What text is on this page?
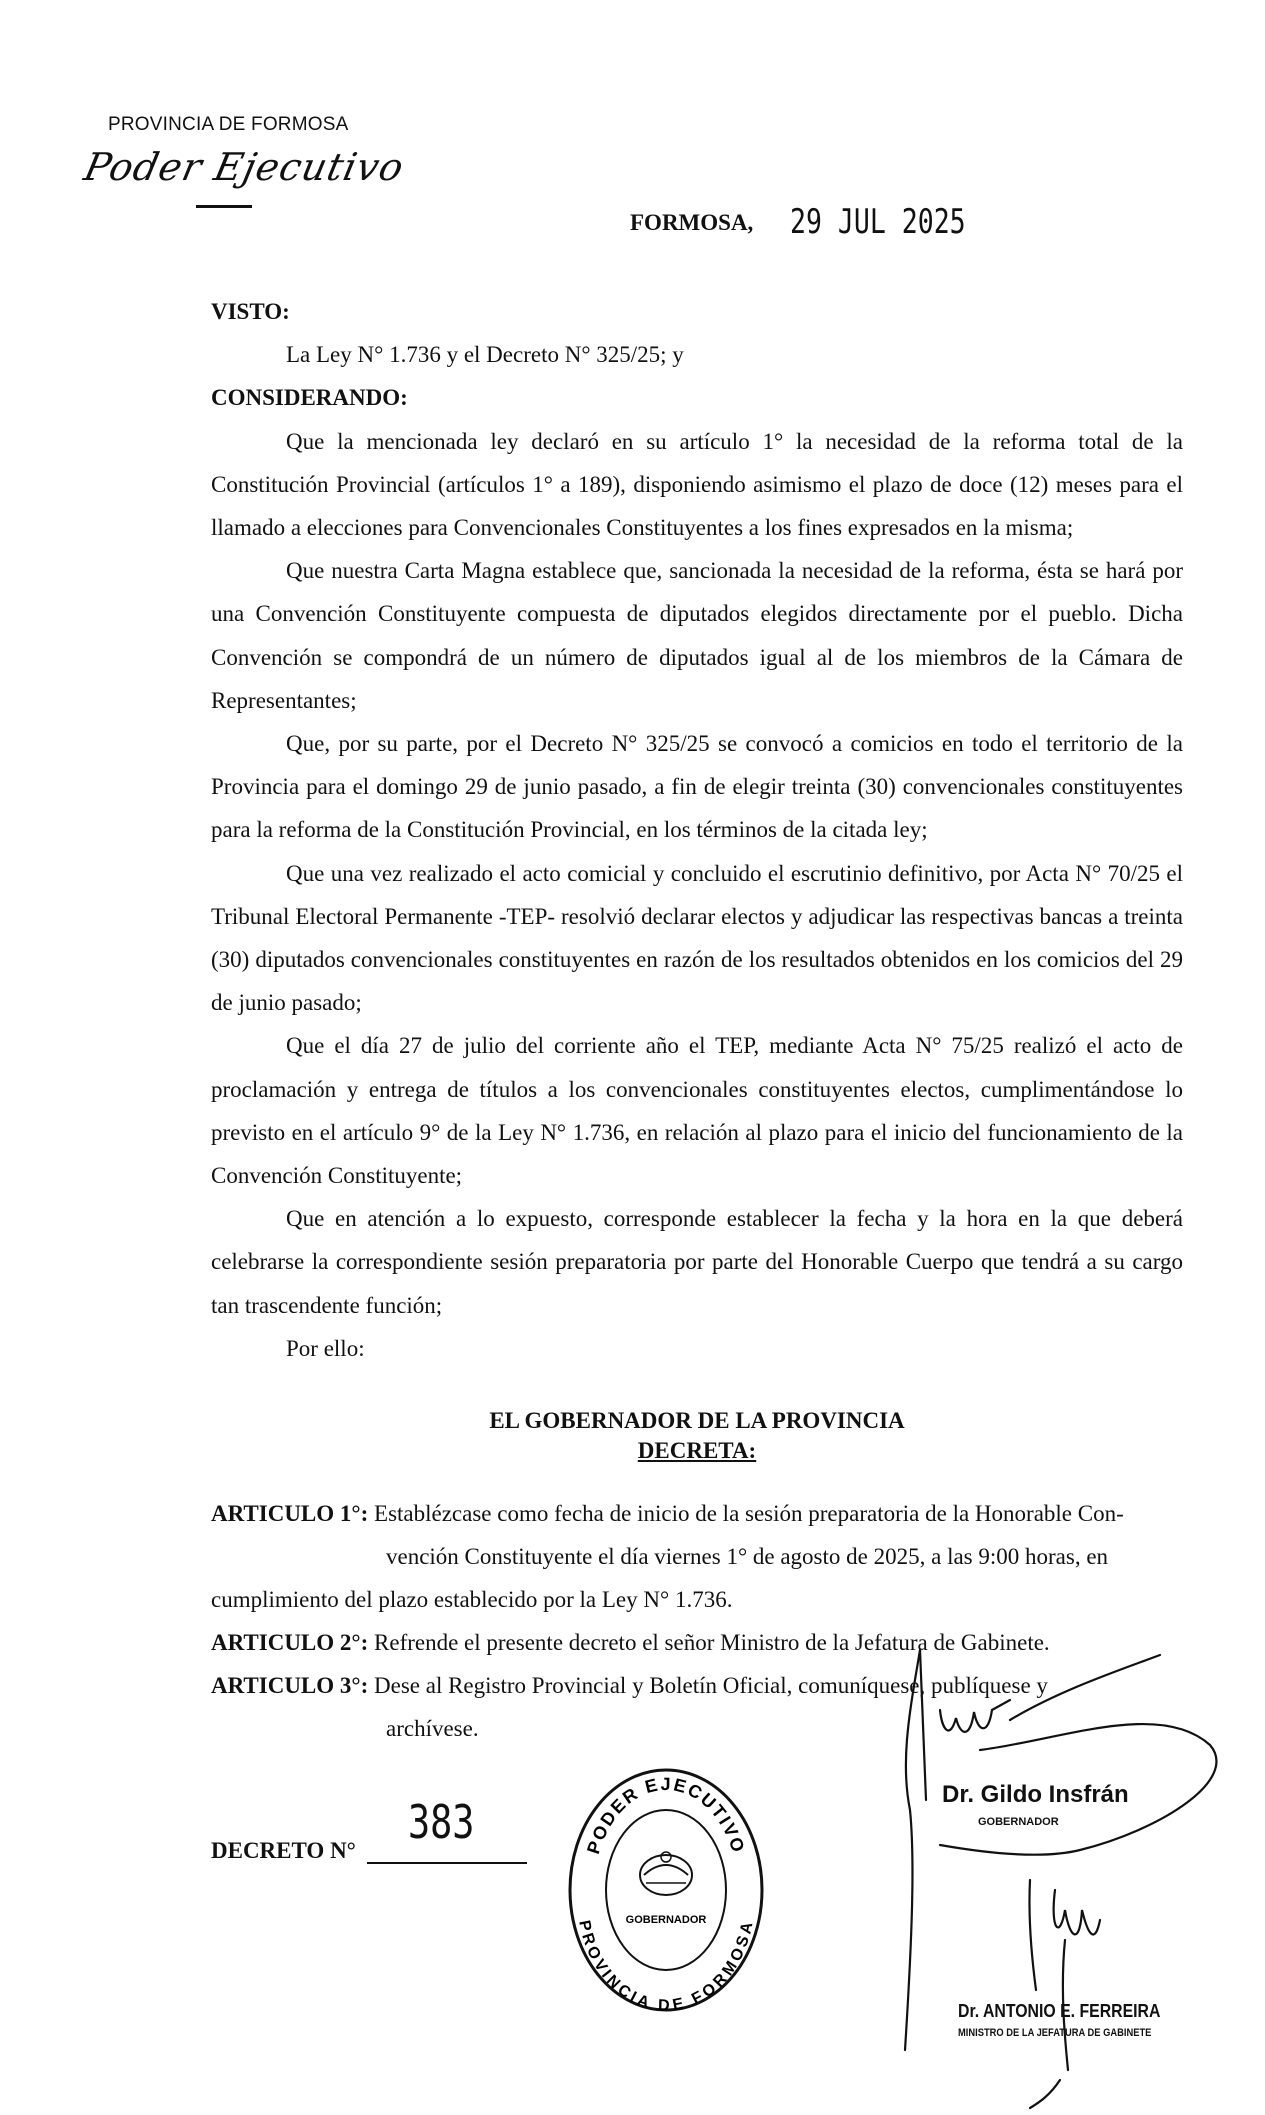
PROVINCIA DE FORMOSA
Poder Ejecutivo
FORMOSA, 29 JUL 2025

VISTO:

La Ley N° 1.736 y el Decreto N° 325/25; y

CONSIDERANDO:

Que la mencionada ley declaró en su artículo 1° la necesidad de la reforma total de la Constitución Provincial (artículos 1° a 189), disponiendo asimismo el plazo de doce (12) meses para el llamado a elecciones para Convencionales Constituyentes a los fines expresados en la misma;

Que nuestra Carta Magna establece que, sancionada la necesidad de la reforma, ésta se hará por una Convención Constituyente compuesta de diputados elegidos directamente por el pueblo. Dicha Convención se compondrá de un número de diputados igual al de los miembros de la Cámara de Representantes;

Que, por su parte, por el Decreto N° 325/25 se convocó a comicios en todo el territorio de la Provincia para el domingo 29 de junio pasado, a fin de elegir treinta (30) convencionales constituyentes para la reforma de la Constitución Provincial, en los términos de la citada ley;

Que una vez realizado el acto comicial y concluido el escrutinio definitivo, por Acta N° 70/25 el Tribunal Electoral Permanente -TEP- resolvió declarar electos y adjudicar las respectivas bancas a treinta (30) diputados convencionales constituyentes en razón de los resultados obtenidos en los comicios del 29 de junio pasado;

Que el día 27 de julio del corriente año el TEP, mediante Acta N° 75/25 realizó el acto de proclamación y entrega de títulos a los convencionales constituyentes electos, cumplimentándose lo previsto en el artículo 9° de la Ley N° 1.736, en relación al plazo para el inicio del funcionamiento de la Convención Constituyente;

Que en atención a lo expuesto, corresponde establecer la fecha y la hora en la que deberá celebrarse la correspondiente sesión preparatoria por parte del Honorable Cuerpo que tendrá a su cargo tan trascendente función;

Por ello:

EL GOBERNADOR DE LA PROVINCIA
DECRETA:
ARTICULO 1°: Establézcase como fecha de inicio de la sesión preparatoria de la Honorable Con-
vención Constituyente el día viernes 1° de agosto de 2025, a las 9:00 horas, en
cumplimiento del plazo establecido por la Ley N° 1.736.
ARTICULO 2°: Refrende el presente decreto el señor Ministro de la Jefatura de Gabinete.
ARTICULO 3°: Dese al Registro Provincial y Boletín Oficial, comuníquese, publíquese y
archívese.
DECRETO N°
383	PODER EJECUTIVO
PROVINCIA DE FORMOSA
GOBERNADOR
Dr. Gildo Insfrán
GOBERNADOR
Dr. ANTONIO E. FERREIRA
MINISTRO DE LA JEFATURA DE GABINETE
